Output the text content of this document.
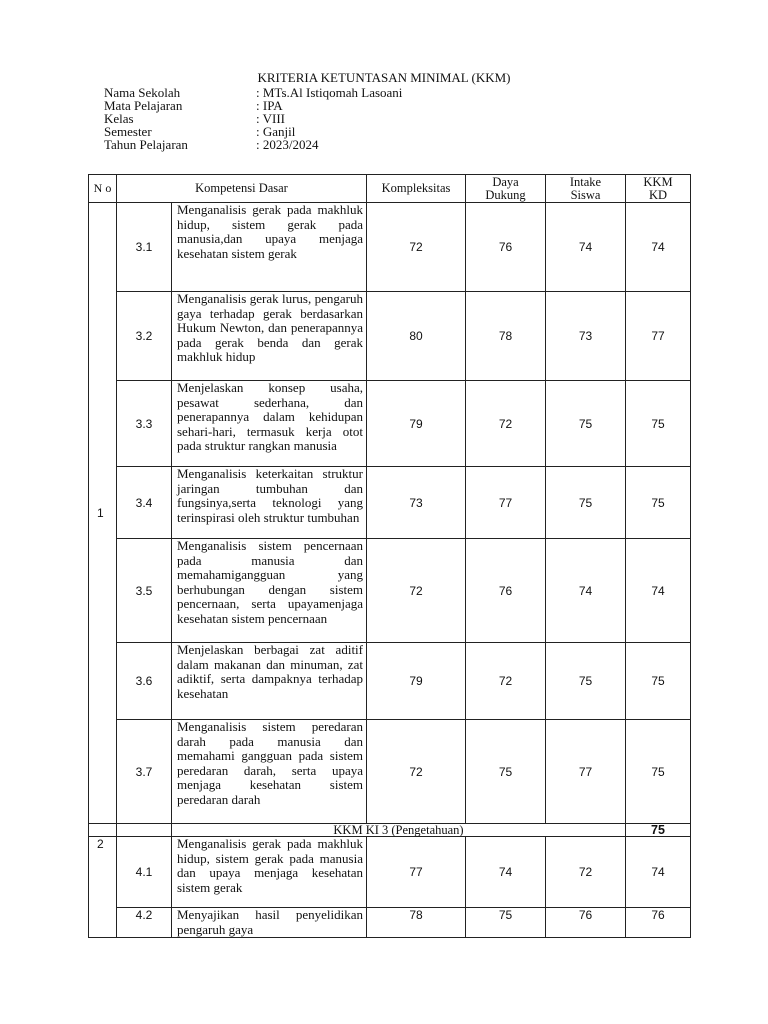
KRITERIA KETUNTASAN MINIMAL (KKM)
Nama Sekolah	: MTs.Al Istiqomah Lasoani
Mata Pelajaran	: IPA
Kelas	: VIII
Semester	: Ganjil
Tahun Pelajaran	: 2023/2024
N o	Kompetensi Dasar		Kompleksitas	Daya Dukung	Intake Siswa	KKM KD
1	3.1	Menganalisis gerak pada makhluk hidup, sistem gerak pada manusia,dan upaya menjaga kesehatan sistem gerak	72	76	74	74
	3.2	Menganalisis gerak lurus, pengaruh gaya terhadap gerak berdasarkan Hukum Newton, dan penerapannya pada gerak benda dan gerak makhluk hidup	80	78	73	77
	3.3	Menjelaskan konsep usaha, pesawat sederhana, dan penerapannya dalam kehidupan sehari-hari, termasuk kerja otot pada struktur rangkan manusia	79	72	75	75
	3.4	Menganalisis keterkaitan struktur jaringan tumbuhan dan fungsinya,serta teknologi yang terinspirasi oleh struktur tumbuhan	73	77	75	75
	3.5	Menganalisis sistem pencernaan pada manusia dan memahamigangguan yang berhubungan dengan sistem pencernaan, serta upayamenjaga kesehatan sistem pencernaan	72	76	74	74
	3.6	Menjelaskan berbagai zat aditif dalam makanan dan minuman, zat adiktif, serta dampaknya terhadap kesehatan	79	72	75	75
	3.7	Menganalisis sistem peredaran darah pada manusia dan memahami gangguan pada sistem peredaran darah, serta upaya menjaga kesehatan sistem peredaran darah	72	75	77	75
		KKM KI 3 (Pengetahuan)				75
2	4.1	Menganalisis gerak pada makhluk hidup, sistem gerak pada manusia dan upaya menjaga kesehatan sistem gerak	77	74	72	74
	4.2	Menyajikan hasil penyelidikan pengaruh gaya	78	75	76	76
